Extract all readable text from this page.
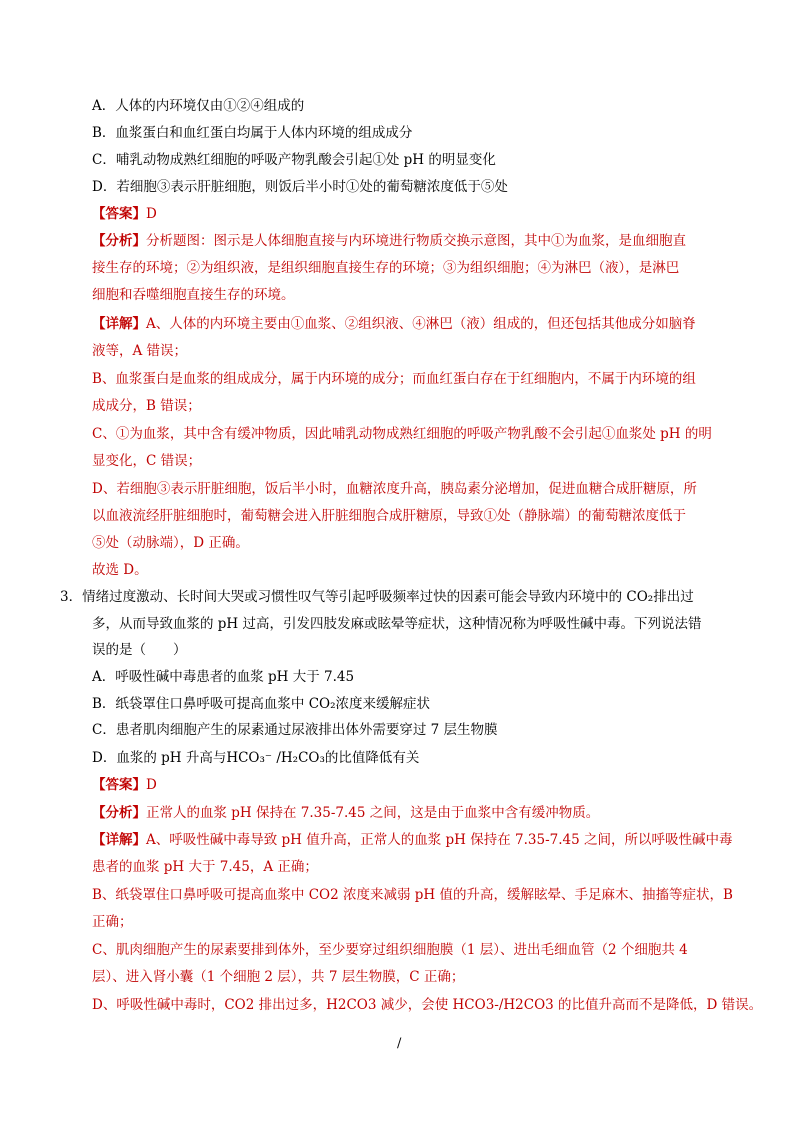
A．人体的内环境仅由①②④组成的
B．血浆蛋白和血红蛋白均属于人体内环境的组成成分
C．哺乳动物成熟红细胞的呼吸产物乳酸会引起①处 pH 的明显变化
D．若细胞③表示肝脏细胞，则饭后半小时①处的葡萄糖浓度低于⑤处
【答案】D
【分析】分析题图：图示是人体细胞直接与内环境进行物质交换示意图，其中①为血浆，是血细胞直
接生存的环境；②为组织液，是组织细胞直接生存的环境；③为组织细胞；④为淋巴（液），是淋巴
细胞和吞噬细胞直接生存的环境。
【详解】A、人体的内环境主要由①血浆、②组织液、④淋巴（液）组成的，但还包括其他成分如脑脊
液等，A 错误；
B、血浆蛋白是血浆的组成成分，属于内环境的成分；而血红蛋白存在于红细胞内，不属于内环境的组
成成分，B 错误；
C、①为血浆，其中含有缓冲物质，因此哺乳动物成熟红细胞的呼吸产物乳酸不会引起①血浆处 pH 的明
显变化，C 错误；
D、若细胞③表示肝脏细胞，饭后半小时，血糖浓度升高，胰岛素分泌增加，促进血糖合成肝糖原，所
以血液流经肝脏细胞时，葡萄糖会进入肝脏细胞合成肝糖原，导致①处（静脉端）的葡萄糖浓度低于
⑤处（动脉端），D 正确。
故选 D。
3．情绪过度激动、长时间大哭或习惯性叹气等引起呼吸频率过快的因素可能会导致内环境中的 CO₂排出过
多，从而导致血浆的 pH 过高，引发四肢发麻或眩晕等症状，这种情况称为呼吸性碱中毒。下列说法错
误的是（　　）
A．呼吸性碱中毒患者的血浆 pH 大于 7.45
B．纸袋罩住口鼻呼吸可提高血浆中 CO₂浓度来缓解症状
C．患者肌肉细胞产生的尿素通过尿液排出体外需要穿过 7 层生物膜
D．血浆的 pH 升高与HCO₃⁻ /H₂CO₃的比值降低有关
【答案】D
【分析】正常人的血浆 pH 保持在 7.35-7.45 之间，这是由于血浆中含有缓冲物质。
【详解】A、呼吸性碱中毒导致 pH 值升高，正常人的血浆 pH 保持在 7.35-7.45 之间，所以呼吸性碱中毒
患者的血浆 pH 大于 7.45，A 正确；
B、纸袋罩住口鼻呼吸可提高血浆中 CO2 浓度来减弱 pH 值的升高，缓解眩晕、手足麻木、抽搐等症状，B
正确；
C、肌肉细胞产生的尿素要排到体外，至少要穿过组织细胞膜（1 层）、进出毛细血管（2 个细胞共 4
层）、进入肾小囊（1 个细胞 2 层），共 7 层生物膜，C 正确；
D、呼吸性碱中毒时，CO2 排出过多，H2CO3 减少，会使 HCO3-/H2CO3 的比值升高而不是降低，D 错误。
/
